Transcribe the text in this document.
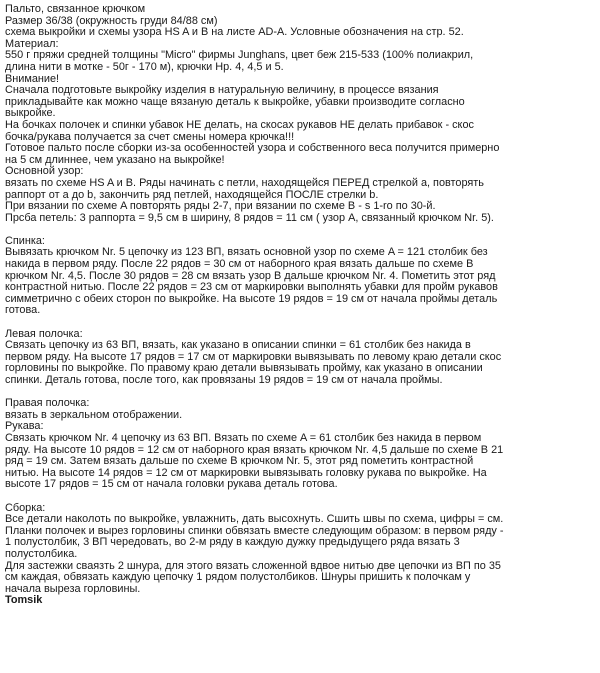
Пальто, связанное крючком
Размер 36/38 (окружность груди 84/88 см)
схема выкройки и схемы узора HS A и B на листе AD-A. Условные обозначения на стр. 52.
Материал:
550 г пряжи средней толщины "Micro" фирмы Junghans, цвет беж 215-533 (100% полиакрил,
длина нити в мотке - 50г - 170 м), крючки Нр. 4, 4,5 и 5.
Внимание!
Сначала подготовьте выкройку изделия в натуральную величину, в процессе вязания
прикладывайте как можно чаще вязаную деталь к выкройке, убавки производите согласно
выкройке.
На бочках полочек и спинки убавок НЕ делать, на скосах рукавов НЕ делать прибавок - скос
бочка/рукава получается за счет смены номера крючка!!!
Готовое пальто после сборки из-за особенностей узора и собственного веса получится примерно
на 5 см длиннее, чем указано на выкройке!
Основной узор:
вязать по схеме HS A и B. Ряды начинать с петли, находящейся ПЕРЕД стрелкой a, повторять
раппорт от a до b, закончить ряд петлей, находящейся ПОСЛЕ стрелки b.
При вязании по схеме A повторять ряды 2-7, при вязании по схеме B - s 1-ro по 30-й.
Прсба петель: 3 раппорта = 9,5 см в ширину, 8 рядов = 11 см ( узор A, связанный крючком Nr. 5).
Спинка:
Вывязать крючком Nr. 5 цепочку из 123 ВП, вязать основной узор по схеме A = 121 столбик без
накида в первом ряду. После 22 рядов = 30 см от наборного края вязать дальше по схеме B
крючком Nr. 4,5. После 30 рядов = 28 см вязать узор B дальше крючком Nr. 4. Пометить этот ряд
контрастной нитью. После 22 рядов = 23 см от маркировки выполнять убавки для пройм рукавов
симметрично с обеих сторон по выкройке. На высоте 19 рядов = 19 см от начала проймы деталь
готова.
Левая полочка:
Связать цепочку из 63 ВП, вязать, как указано в описании спинки = 61 столбик без накида в
первом ряду. На высоте 17 рядов = 17 см от маркировки вывязывать по левому краю детали скос
горловины по выкройке. По правому краю детали вывязывать пройму, как указано в описании
спинки. Деталь готова, после того, как провязаны 19 рядов = 19 см от начала проймы.
Правая полочка:
вязать в зеркальном отображении.
Рукава:
Связать крючком Nr. 4 цепочку из 63 ВП. Вязать по схеме A = 61 столбик без накида в первом
ряду. На высоте 10 рядов = 12 см от наборного края вязать крючком Nr. 4,5 дальше по схеме B 21
ряд = 19 см. Затем вязать дальше по схеме B крючком Nr. 5, этот ряд пометить контрастной
нитью. На высоте 14 рядов = 12 см от маркировки вывязывать головку рукава по выкройке. На
высоте 17 рядов = 15 см от начала головки рукава деталь готова.
Сборка:
Все детали наколоть по выкройке, увлажнить, дать высохнуть. Сшить швы по схема, цифры = см.
Планки полочек и вырез горловины спинки обвязать вместе следующим образом: в первом ряду -
1 полустолбик, 3 ВП чередовать, во 2-м ряду в каждую дужку предыдущего ряда вязать 3
полустолбика.
Для застежки сваязть 2 шнура, для этого вязать сложенной вдвое нитью две цепочки из ВП по 35
см каждая, обвязать каждую цепочку 1 рядом полустолбиков. Шнуры пришить к полочкам у
начала выреза горловины.
Tomsik
